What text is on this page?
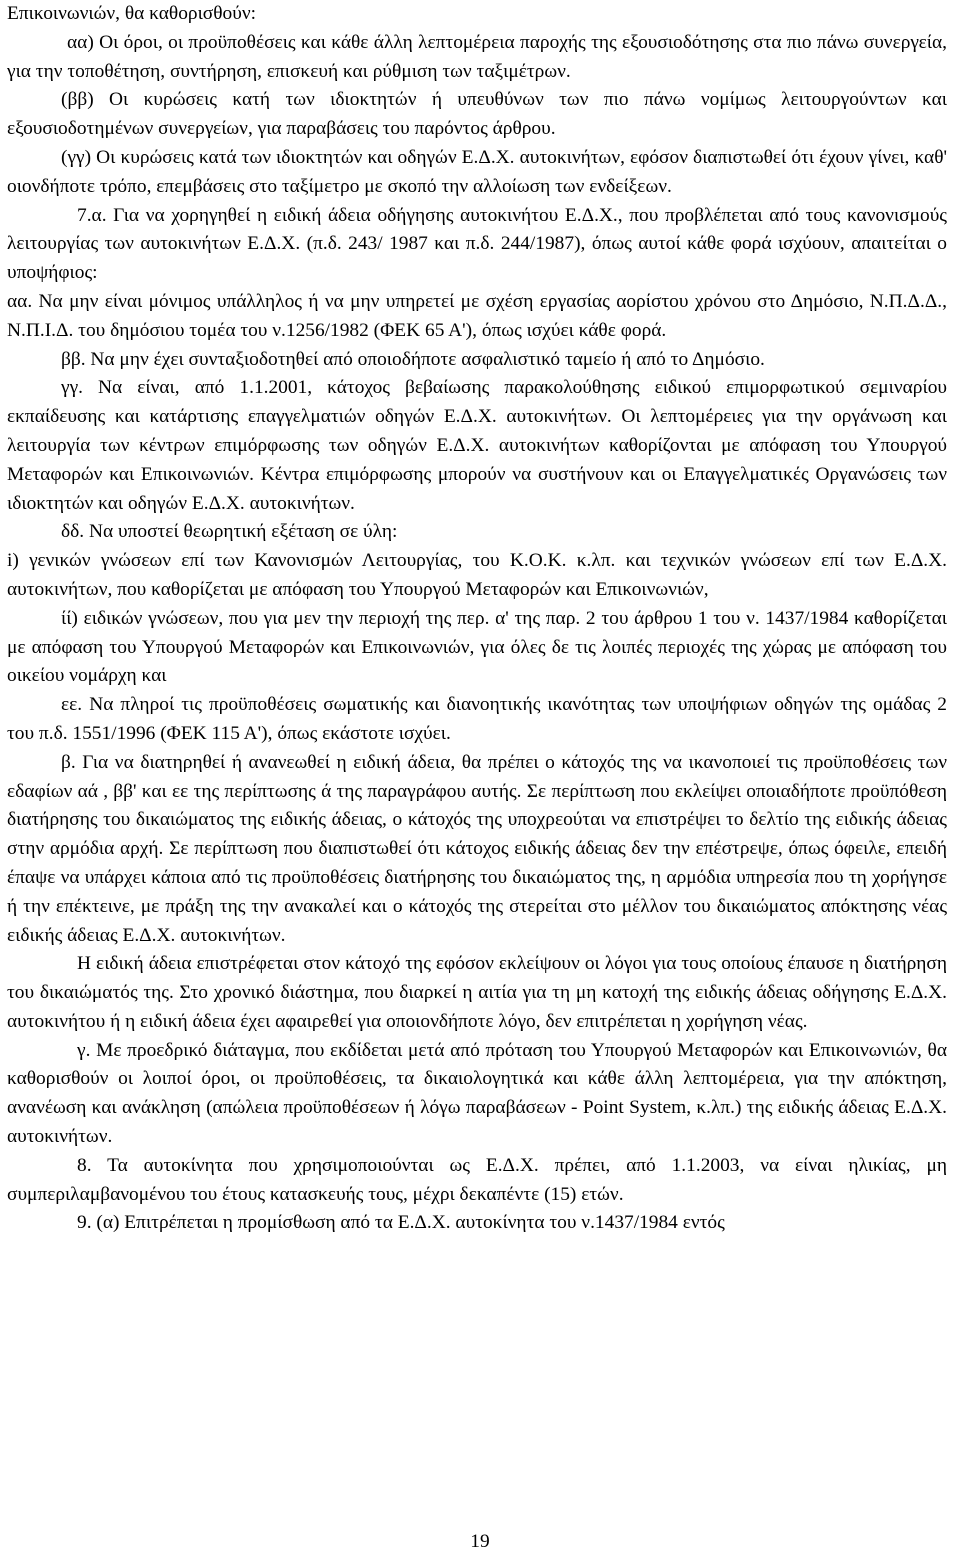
Επικοινωνιών, θα καθορισθούν:

αα) Οι όροι, οι προϋποθέσεις και κάθε άλλη λεπτομέρεια παροχής της εξουσιοδότησης στα πιο πάνω συνεργεία, για την τοποθέτηση, συντήρηση, επισκευή και ρύθμιση των ταξιμέτρων.

(ββ) Οι κυρώσεις κατή των ιδιοκτητών ή υπευθύνων των πιο πάνω νομίμως λειτουργούντων και εξουσιοδοτημένων συνεργείων, για παραβάσεις του παρόντος άρθρου.

(γγ) Οι κυρώσεις κατά των ιδιοκτητών και οδηγών Ε.Δ.Χ. αυτοκινήτων, εφόσον διαπιστωθεί ότι έχουν γίνει, καθ' οιονδήποτε τρόπο, επεμβάσεις στο ταξίμετρο με σκοπό την αλλοίωση των ενδείξεων.

7.α. Για να χορηγηθεί η ειδική άδεια οδήγησης αυτοκινήτου Ε.Δ.Χ., που προβλέπεται από τους κανονισμούς λειτουργίας των αυτοκινήτων Ε.Δ.Χ. (π.δ. 243/ 1987 και π.δ. 244/1987), όπως αυτοί κάθε φορά ισχύουν, απαιτείται ο υποψήφιος:

αα. Να μην είναι μόνιμος υπάλληλος ή να μην υπηρετεί με σχέση εργασίας αορίστου χρόνου στο Δημόσιο, Ν.Π.Δ.Δ., Ν.Π.Ι.Δ. του δημόσιου τομέα του ν.1256/1982 (ΦΕΚ 65 Α'), όπως ισχύει κάθε φορά.

ββ. Να μην έχει συνταξιοδοτηθεί από οποιοδήποτε ασφαλιστικό ταμείο ή από το Δημόσιο.

γγ. Να είναι, από 1.1.2001, κάτοχος βεβαίωσης παρακολούθησης ειδικού επιμορφωτικού σεμιναρίου εκπαίδευσης και κατάρτισης επαγγελματιών οδηγών Ε.Δ.Χ. αυτοκινήτων. Οι λεπτομέρειες για την οργάνωση και λειτουργία των κέντρων επιμόρφωσης των οδηγών Ε.Δ.Χ. αυτοκινήτων καθορίζονται με απόφαση του Υπουργού Μεταφορών και Επικοινωνιών. Κέντρα επιμόρφωσης μπορούν να συστήνουν και οι Επαγγελματικές Οργανώσεις των ιδιοκτητών και οδηγών Ε.Δ.Χ. αυτοκινήτων.

δδ. Να υποστεί θεωρητική εξέταση σε ύλη:

i) γενικών γνώσεων επί των Κανονισμών Λειτουργίας, του Κ.Ο.Κ. κ.λπ. και τεχνικών γνώσεων επί των Ε.Δ.Χ. αυτοκινήτων, που καθορίζεται με απόφαση του Υπουργού Μεταφορών και Επικοινωνιών,

ίί) ειδικών γνώσεων, που για μεν την περιοχή της περ. α' της παρ. 2 του άρθρου 1 του ν. 1437/1984 καθορίζεται με απόφαση του Υπουργού Μεταφορών και Επικοινωνιών, για όλες δε τις λοιπές περιοχές της χώρας με απόφαση του οικείου νομάρχη και

εε. Να πληροί τις προϋποθέσεις σωματικής και διανοητικής ικανότητας των υποψήφιων οδηγών της ομάδας 2 του π.δ. 1551/1996 (ΦΕΚ 115 Α'), όπως εκάστοτε ισχύει.

β. Για να διατηρηθεί ή ανανεωθεί η ειδική άδεια, θα πρέπει ο κάτοχός της να ικανοποιεί τις προϋποθέσεις των εδαφίων αά , ββ' και εε της περίπτωσης ά της παραγράφου αυτής. Σε περίπτωση που εκλείψει οποιαδήποτε προϋπόθεση διατήρησης του δικαιώματος της ειδικής άδειας, ο κάτοχός της υποχρεούται να επιστρέψει το δελτίο της ειδικής άδειας στην αρμόδια αρχή. Σε περίπτωση που διαπιστωθεί ότι κάτοχος ειδικής άδειας δεν την επέστρεψε, όπως όφειλε, επειδή έπαψε να υπάρχει κάποια από τις προϋποθέσεις διατήρησης του δικαιώματος της, η αρμόδια υπηρεσία που τη χορήγησε ή την επέκτεινε, με πράξη της την ανακαλεί και ο κάτοχός της στερείται στο μέλλον του δικαιώματος απόκτησης νέας ειδικής άδειας Ε.Δ.Χ. αυτοκινήτων.

Η ειδική άδεια επιστρέφεται στον κάτοχό της εφόσον εκλείψουν οι λόγοι για τους οποίους έπαυσε η διατήρηση του δικαιώματός της. Στο χρονικό διάστημα, που διαρκεί η αιτία για τη μη κατοχή της ειδικής άδειας οδήγησης Ε.Δ.Χ. αυτοκινήτου ή η ειδική άδεια έχει αφαιρεθεί για οποιονδήποτε λόγο, δεν επιτρέπεται η χορήγηση νέας.

γ. Με προεδρικό διάταγμα, που εκδίδεται μετά από πρόταση του Υπουργού Μεταφορών και Επικοινωνιών, θα καθορισθούν οι λοιποί όροι, οι προϋποθέσεις, τα δικαιολογητικά και κάθε άλλη λεπτομέρεια, για την απόκτηση, ανανέωση και ανάκληση (απώλεια προϋποθέσεων ή λόγω παραβάσεων - Point System, κ.λπ.) της ειδικής άδειας Ε.Δ.Χ. αυτοκινήτων.

8. Τα αυτοκίνητα που χρησιμοποιούνται ως Ε.Δ.Χ. πρέπει, από 1.1.2003, να είναι ηλικίας, μη συμπεριλαμβανομένου του έτους κατασκευής τους, μέχρι δεκαπέντε (15) ετών.

9. (α) Επιτρέπεται η προμίσθωση από τα Ε.Δ.Χ. αυτοκίνητα του ν.1437/1984 εντός

19
